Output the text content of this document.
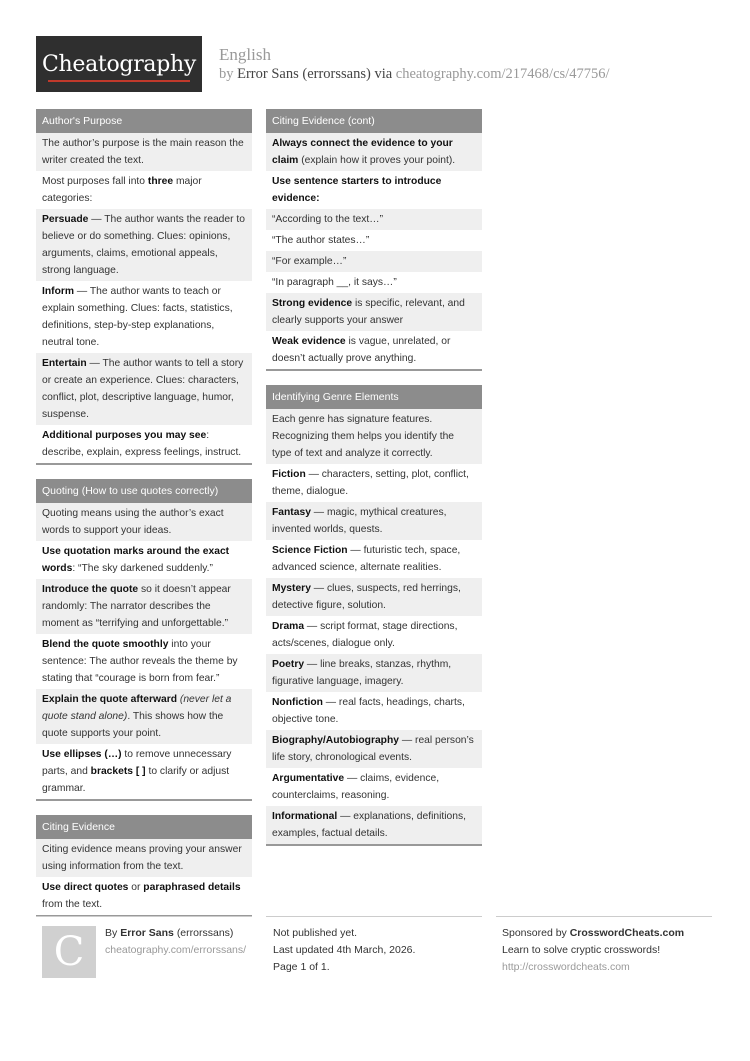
Cheatography English
by Error Sans (errorssans) via cheatography.com/217468/cs/47756/
Author's Purpose
The author’s purpose is the main reason the writer created the text.
Most purposes fall into three major categories:
Persuade — The author wants the reader to believe or do something. Clues: opinions, arguments, claims, emotional appeals, strong language.
Inform — The author wants to teach or explain something. Clues: facts, statistics, definitions, step-by-step explanations, neutral tone.
Entertain — The author wants to tell a story or create an experience. Clues: characters, conflict, plot, descriptive language, humor, suspense.
Additional purposes you may see: describe, explain, express feelings, instruct.
Quoting (How to use quotes correctly)
Quoting means using the author’s exact words to support your ideas.
Use quotation marks around the exact words: “The sky darkened suddenly.”
Introduce the quote so it doesn’t appear randomly: The narrator describes the moment as “terrifying and unforgettable.”
Blend the quote smoothly into your sentence: The author reveals the theme by stating that “courage is born from fear.”
Explain the quote afterward (never let a quote stand alone). This shows how the quote supports your point.
Use ellipses (…) to remove unnecessary parts, and brackets [ ] to clarify or adjust grammar.
Citing Evidence
Citing evidence means proving your answer using information from the text.
Use direct quotes or paraphrased details from the text.
Citing Evidence (cont)
Always connect the evidence to your claim (explain how it proves your point).
Use sentence starters to introduce evidence:
“According to the text…”
“The author states…”
“For example…”
“In paragraph __, it says…”
Strong evidence is specific, relevant, and clearly supports your answer
Weak evidence is vague, unrelated, or doesn’t actually prove anything.
Identifying Genre Elements
Each genre has signature features. Recognizing them helps you identify the type of text and analyze it correctly.
Fiction — characters, setting, plot, conflict, theme, dialogue.
Fantasy — magic, mythical creatures, invented worlds, quests.
Science Fiction — futuristic tech, space, advanced science, alternate realities.
Mystery — clues, suspects, red herrings, detective figure, solution.
Drama — script format, stage directions, acts/scenes, dialogue only.
Poetry — line breaks, stanzas, rhythm, figurative language, imagery.
Nonfiction — real facts, headings, charts, objective tone.
Biography/Autobiography — real person’s life story, chronological events.
Argumentative — claims, evidence, counterclaims, reasoning.
Informational — explanations, definitions, examples, factual details.
C By Error Sans (errorssans)
cheatography.com/errorssans/
Not published yet.
Last updated 4th March, 2026.
Page 1 of 1.
Sponsored by CrosswordCheats.com
Learn to solve cryptic crosswords!
http://crosswordcheats.com
